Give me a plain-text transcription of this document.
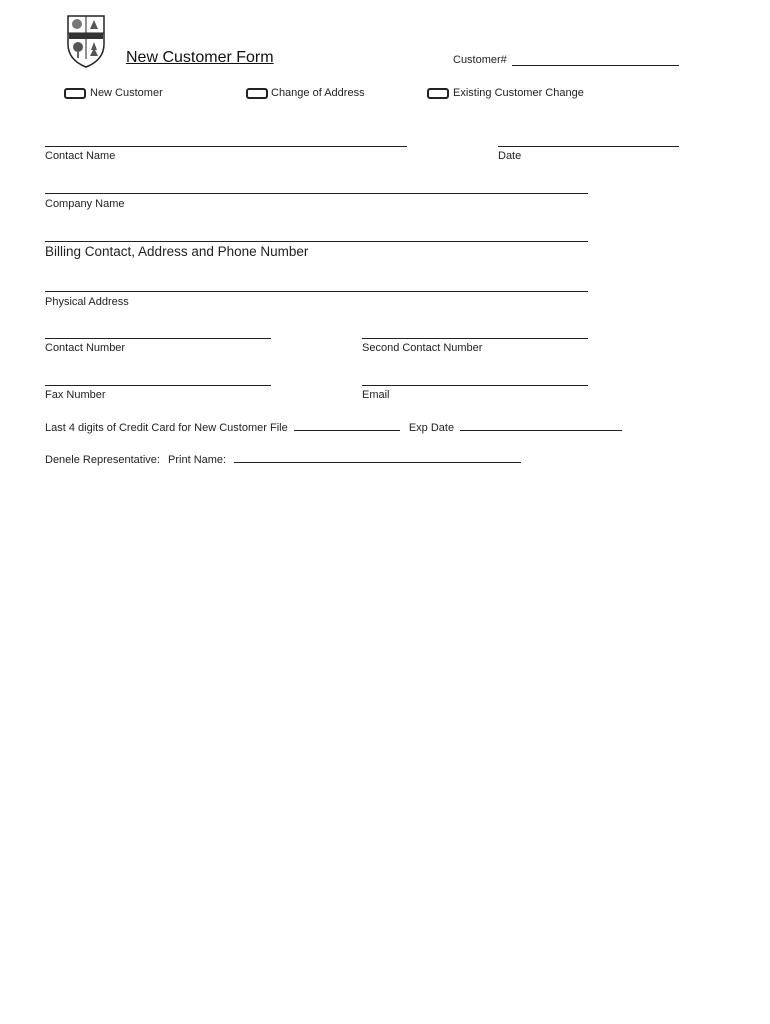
New Customer Form	Customer#
New Customer	Change of Address	Existing Customer Change
Contact Name	Date
Company Name
Billing Contact, Address and Phone Number
Physical Address
Contact Number	Second Contact Number
Fax Number	Email
Last 4 digits of Credit Card for New Customer File	Exp Date
Denele Representative: Print Name:
